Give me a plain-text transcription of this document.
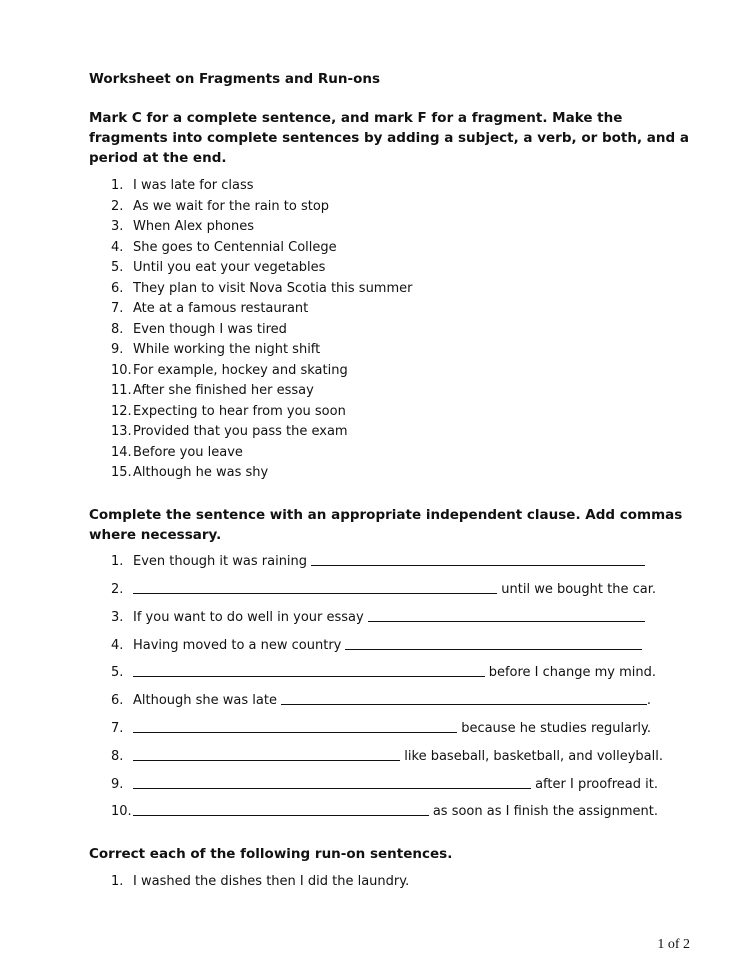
Worksheet on Fragments and Run-ons
Mark C for a complete sentence, and mark F for a fragment. Make the fragments into complete sentences by adding a subject, a verb, or both, and a period at the end.
1. I was late for class
2. As we wait for the rain to stop
3. When Alex phones
4. She goes to Centennial College
5. Until you eat your vegetables
6. They plan to visit Nova Scotia this summer
7. Ate at a famous restaurant
8. Even though I was tired
9. While working the night shift
10.For example, hockey and skating
11.After she finished her essay
12.Expecting to hear from you soon
13.Provided that you pass the exam
14.Before you leave
15.Although he was shy
Complete the sentence with an appropriate independent clause. Add commas where necessary.
1. Even though it was raining
2.	until we bought the car.
3. If you want to do well in your essay
4. Having moved to a new country
5.	before I change my mind.
6. Although she was late	.
7.	because he studies regularly.
8.	like baseball, basketball, and volleyball.
9.	after I proofread it.
10.	as soon as I finish the assignment.
Correct each of the following run-on sentences.
1. I washed the dishes then I did the laundry.
1 of 2
